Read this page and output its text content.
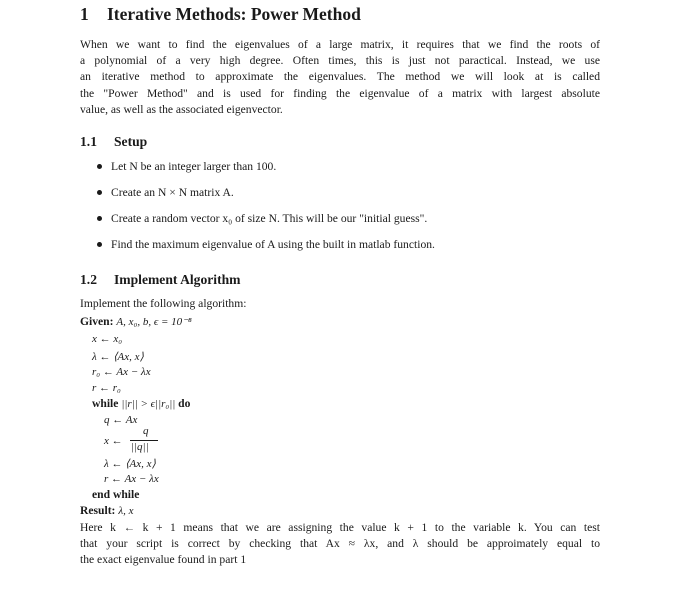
1 Iterative Methods: Power Method
When we want to find the eigenvalues of a large matrix, it requires that we find the roots of
a polynomial of a very high degree. Often times, this is just not paractical. Instead, we use
an iterative method to approximate the eigenvalues. The method we will look at is called
the "Power Method" and is used for finding the eigenvalue of a matrix with largest absolute
value, as well as the associated eigenvector.
1.1 Setup
Let N be an integer larger than 100.
Create an N × N matrix A.
Create a random vector x₀ of size N. This will be our "initial guess".
Find the maximum eigenvalue of A using the built in matlab function.
1.2 Implement Algorithm
Implement the following algorithm:
Given: A, x₀, b, ϵ = 10⁻⁸
x ← x₀
λ ← ⟨Ax, x⟩
r₀ ← Ax − λx
r ← r₀
while ||r|| > ϵ||r₀|| do
q ← Ax
x ←
q
||q||
λ ← ⟨Ax, x⟩
r ← Ax − λx
end while
Result: λ, x
Here k ← k + 1 means that we are assigning the value k + 1 to the variable k. You can test
that your script is correct by checking that Ax ≈ λx, and λ should be approimately equal to
the exact eigenvalue found in part 1
